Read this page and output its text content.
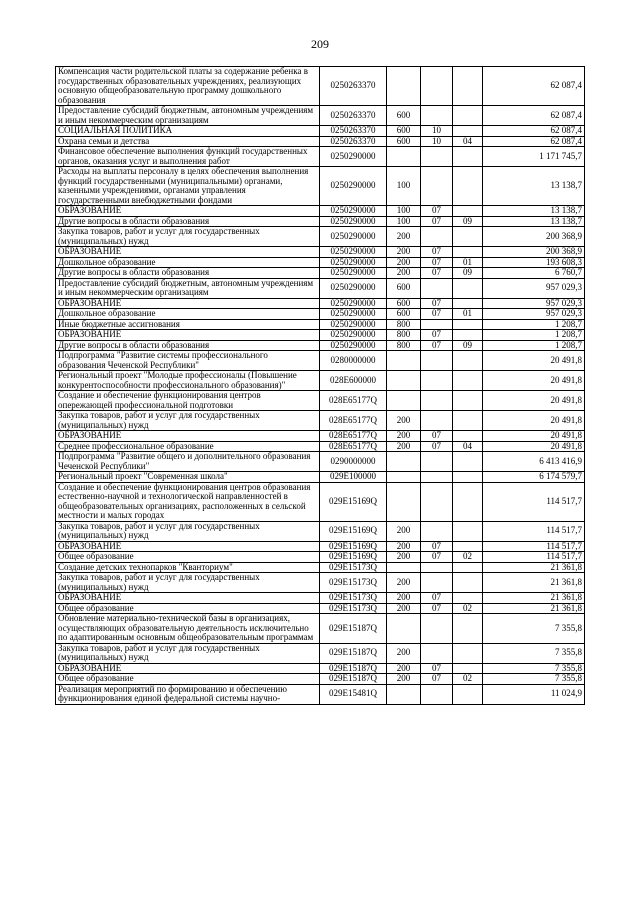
209
Компенсация части родительской платы за содержание ребенка в государственных образовательных учреждениях, реализующих основную общеобразовательную программу дошкольного образования	0250263370				62 087,4
Предоставление субсидий бюджетным, автономным учреждениям и иным некоммерческим организациям	0250263370	600			62 087,4
СОЦИАЛЬНАЯ ПОЛИТИКА	0250263370	600	10		62 087,4
Охрана семьи и детства	0250263370	600	10	04	62 087,4
Финансовое обеспечение выполнения функций государственных органов, оказания услуг и выполнения работ	0250290000				1 171 745,7
Расходы на выплаты персоналу в целях обеспечения выполнения функций государственными (муниципальными) органами, казенными учреждениями, органами управления государственными внебюджетными фондами	0250290000	100			13 138,7
ОБРАЗОВАНИЕ	0250290000	100	07		13 138,7
Другие вопросы в области образования	0250290000	100	07	09	13 138,7
Закупка товаров, работ и услуг для государственных (муниципальных) нужд	0250290000	200			200 368,9
ОБРАЗОВАНИЕ	0250290000	200	07		200 368,9
Дошкольное образование	0250290000	200	07	01	193 608,3
Другие вопросы в области образования	0250290000	200	07	09	6 760,7
Предоставление субсидий бюджетным, автономным учреждениям и иным некоммерческим организациям	0250290000	600			957 029,3
ОБРАЗОВАНИЕ	0250290000	600	07		957 029,3
Дошкольное образование	0250290000	600	07	01	957 029,3
Иные бюджетные ассигнования	0250290000	800			1 208,7
ОБРАЗОВАНИЕ	0250290000	800	07		1 208,7
Другие вопросы в области образования	0250290000	800	07	09	1 208,7
Подпрограмма "Развитие системы профессионального образования Чеченской Республики"	0280000000				20 491,8
Региональный проект "Молодые профессионалы (Повышение конкурентоспособности профессионального образования)"	028E600000				20 491,8
Создание и обеспечение функционирования центров опережающей профессиональной подготовки	028E65177Q				20 491,8
Закупка товаров, работ и услуг для государственных (муниципальных) нужд	028E65177Q	200			20 491,8
ОБРАЗОВАНИЕ	028E65177Q	200	07		20 491,8
Среднее профессиональное образование	028E65177Q	200	07	04	20 491,8
Подпрограмма "Развитие общего и дополнительного образования Чеченской Республики"	0290000000				6 413 416,9
Региональный проект "Современная школа"	029E100000				6 174 579,7
Создание и обеспечение функционирования центров образования естественно-научной и технологической направленностей в общеобразовательных организациях, расположенных в сельской местности и малых городах	029E15169Q				114 517,7
Закупка товаров, работ и услуг для государственных (муниципальных) нужд	029E15169Q	200			114 517,7
ОБРАЗОВАНИЕ	029E15169Q	200	07		114 517,7
Общее образование	029E15169Q	200	07	02	114 517,7
Создание детских технопарков "Кванториум"	029E15173Q				21 361,8
Закупка товаров, работ и услуг для государственных (муниципальных) нужд	029E15173Q	200			21 361,8
ОБРАЗОВАНИЕ	029E15173Q	200	07		21 361,8
Общее образование	029E15173Q	200	07	02	21 361,8
Обновление материально-технической базы в организациях, осуществляющих образовательную деятельность исключительно по адаптированным основным общеобразовательным программам	029E15187Q				7 355,8
Закупка товаров, работ и услуг для государственных (муниципальных) нужд	029E15187Q	200			7 355,8
ОБРАЗОВАНИЕ	029E15187Q	200	07		7 355,8
Общее образование	029E15187Q	200	07	02	7 355,8
Реализация мероприятий по формированию и обеспечению функционирования единой федеральной системы научно-	029E15481Q				11 024,9
